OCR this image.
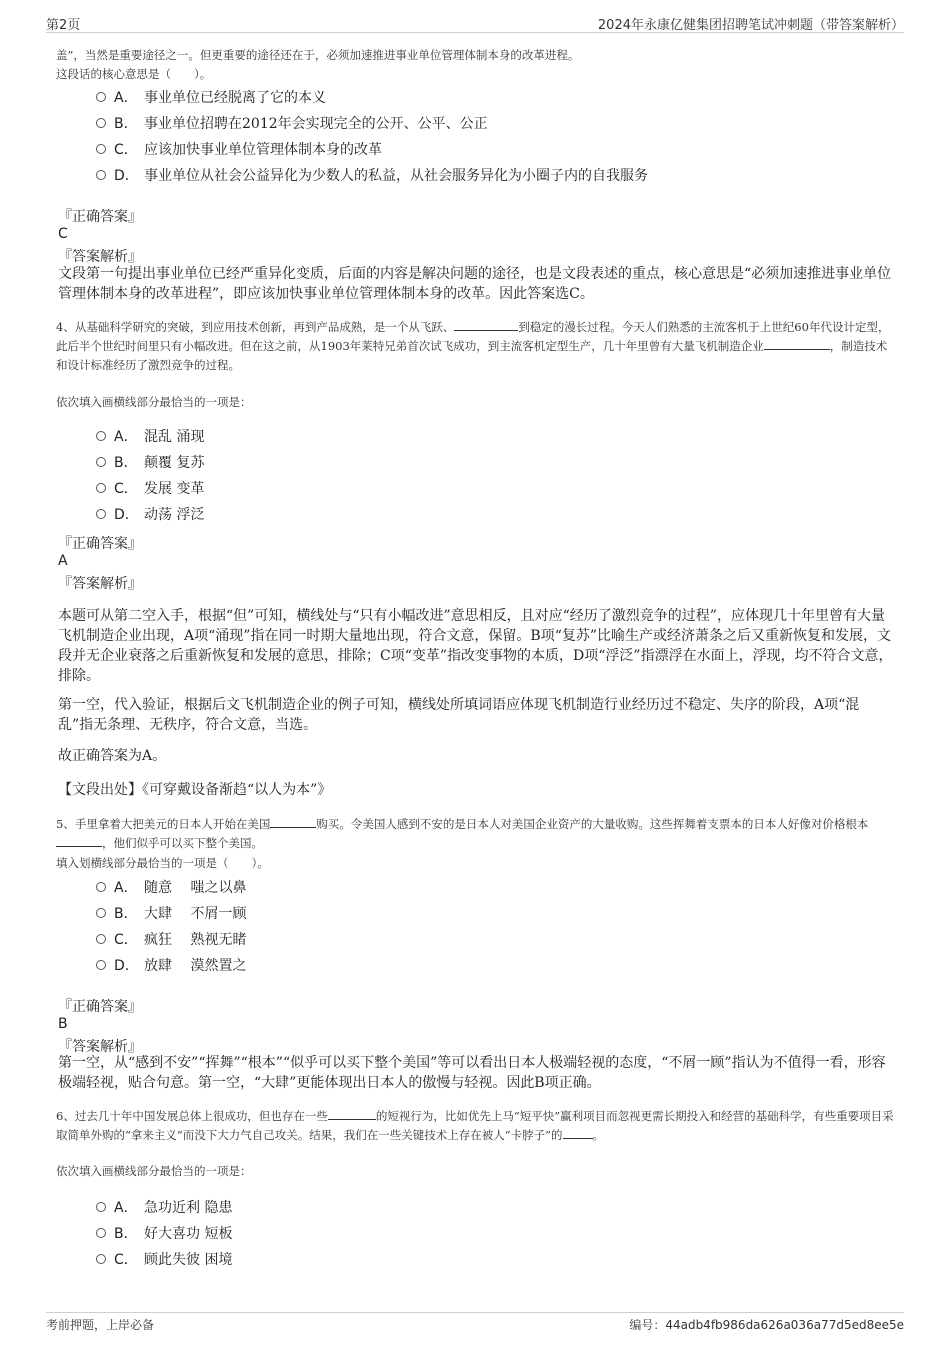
第2页	2024年永康亿健集团招聘笔试冲刺题（带答案解析）
盖”，当然是重要途径之一。但更重要的途径还在于，必须加速推进事业单位管理体制本身的改革进程。
这段话的核心意思是（　　）。
A． 事业单位已经脱离了它的本义
B． 事业单位招聘在2012年会实现完全的公开、公平、公正
C． 应该加快事业单位管理体制本身的改革
D． 事业单位从社会公益异化为少数人的私益，从社会服务异化为小圈子内的自我服务
『正确答案』
C
『答案解析』
文段第一句提出事业单位已经严重异化变质，后面的内容是解决问题的途径，也是文段表述的重点，核心意思是“必须加速推进事业单位管理体制本身的改革进程”，即应该加快事业单位管理体制本身的改革。因此答案选C。
4、从基础科学研究的突破，到应用技术创新，再到产品成熟，是一个从飞跃、	到稳定的漫长过程。今天人们熟悉的主流客机于上世纪60年代设计定型，此后半个世纪时间里只有小幅改进。但在这之前，从1903年莱特兄弟首次试飞成功，到主流客机定型生产，几十年里曾有大量飞机制造企业	，制造技术和设计标准经历了激烈竞争的过程。
依次填入画横线部分最恰当的一项是：
A． 混乱 涌现
B． 颠覆 复苏
C． 发展 变革
D． 动荡 浮泛
『正确答案』
A
『答案解析』
本题可从第二空入手，根据“但”可知，横线处与“只有小幅改进”意思相反，且对应“经历了激烈竞争的过程”，应体现几十年里曾有大量飞机制造企业出现，A项“涌现”指在同一时期大量地出现，符合文意，保留。B项“复苏”比喻生产或经济萧条之后又重新恢复和发展，文段并无企业衰落之后重新恢复和发展的意思，排除；C项“变革”指改变事物的本质，D项“浮泛”指漂浮在水面上，浮现，均不符合文意，排除。
第一空，代入验证，根据后文飞机制造企业的例子可知，横线处所填词语应体现飞机制造行业经历过不稳定、失序的阶段，A项“混乱”指无条理、无秩序，符合文意，当选。
故正确答案为A。
【文段出处】《可穿戴设备渐趋“以人为本”》
5、手里拿着大把美元的日本人开始在美国	购买。令美国人感到不安的是日本人对美国企业资产的大量收购。这些挥舞着支票本的日本人好像对价格根本，他们似乎可以买下整个美国。
填入划横线部分最恰当的一项是（　　）。
A． 随意　 嗤之以鼻
B． 大肆　 不屑一顾
C． 疯狂　 熟视无睹
D． 放肆　 漠然置之
『正确答案』
B
『答案解析』
第一空，从“感到不安”“挥舞”“根本”“似乎可以买下整个美国”等可以看出日本人极端轻视的态度，“不屑一顾”指认为不值得一看，形容极端轻视，贴合句意。第一空，“大肆”更能体现出日本人的傲慢与轻视。因此B项正确。
6、过去几十年中国发展总体上很成功，但也存在一些	的短视行为，比如优先上马“短平快”赢利项目而忽视更需长期投入和经营的基础科学，有些重要项目采取简单外购的“拿来主义”而没下大力气自己攻关。结果，我们在一些关键技术上存在被人“卡脖子”的	。
依次填入画横线部分最恰当的一项是：
A． 急功近利 隐患
B． 好大喜功 短板
C． 顾此失彼 困境
考前押题，上岸必备	编号：44adb4fb986da626a036a77d5ed8ee5e
